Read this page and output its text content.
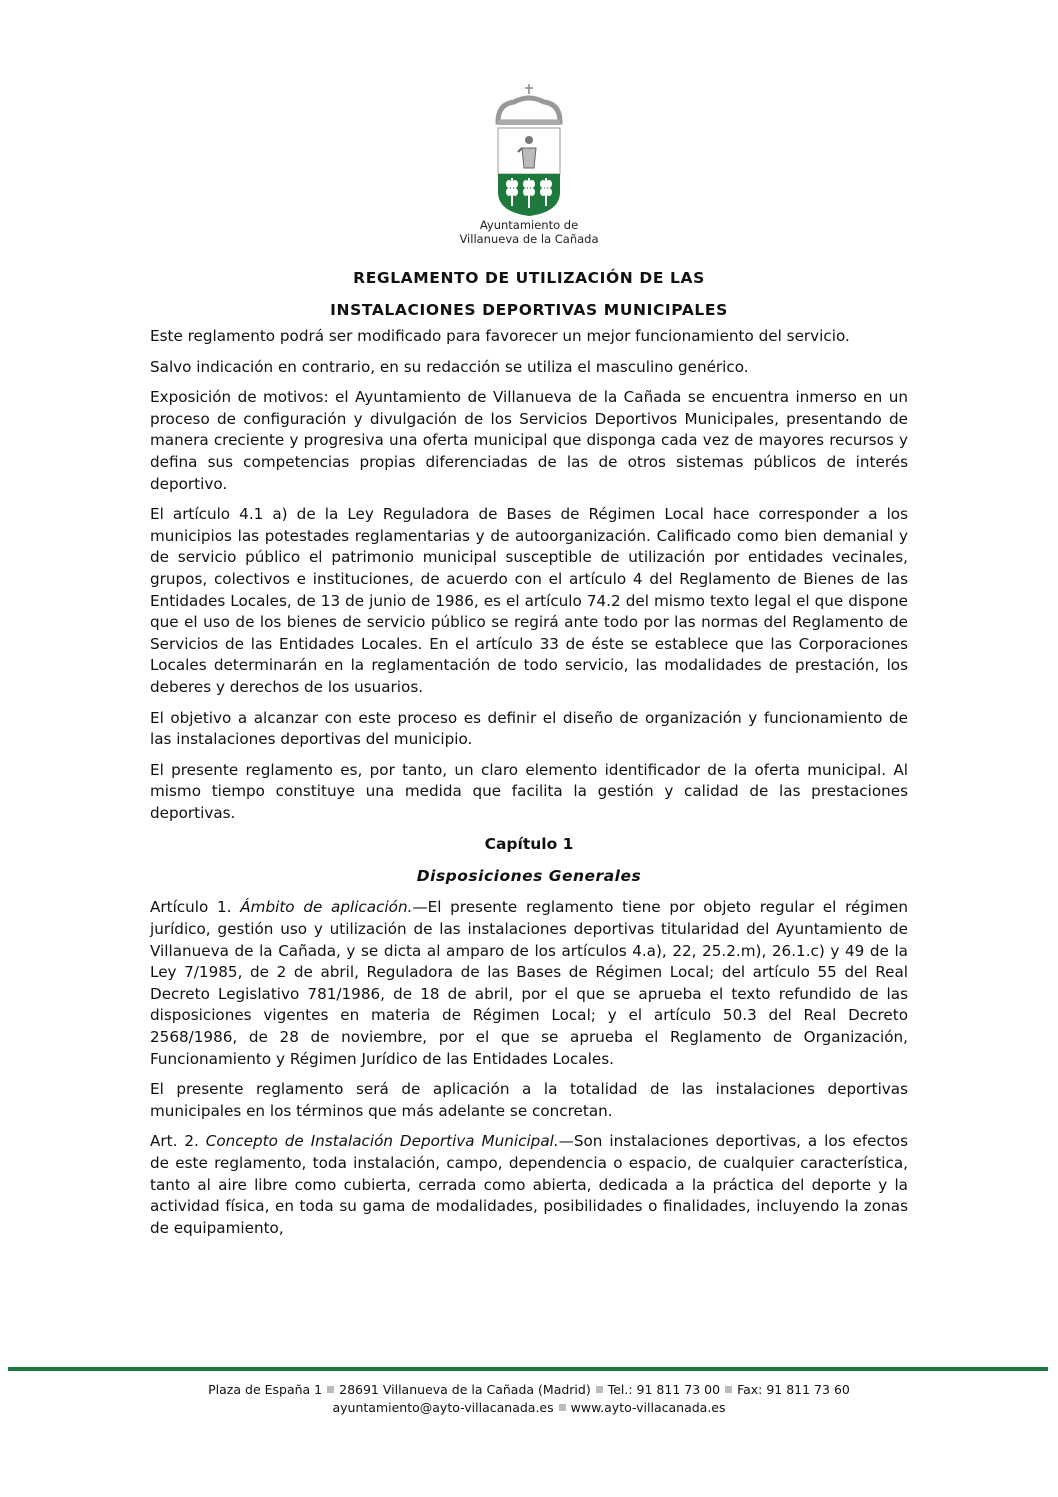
Ayuntamiento de
Villanueva de la Cañada
REGLAMENTO DE UTILIZACIÓN DE LAS
INSTALACIONES DEPORTIVAS MUNICIPALES

Este reglamento podrá ser modificado para favorecer un mejor funcionamiento del servicio.

Salvo indicación en contrario, en su redacción se utiliza el masculino genérico.

Exposición de motivos: el Ayuntamiento de Villanueva de la Cañada se encuentra inmerso en un proceso de configuración y divulgación de los Servicios Deportivos Municipales, presentando de manera creciente y progresiva una oferta municipal que disponga cada vez de mayores recursos y defina sus competencias propias diferenciadas de las de otros sistemas públicos de interés deportivo.

El artículo 4.1 a) de la Ley Reguladora de Bases de Régimen Local hace corresponder a los municipios las potestades reglamentarias y de autoorganización. Calificado como bien demanial y de servicio público el patrimonio municipal susceptible de utilización por entidades vecinales, grupos, colectivos e instituciones, de acuerdo con el artículo 4 del Reglamento de Bienes de las Entidades Locales, de 13 de junio de 1986, es el artículo 74.2 del mismo texto legal el que dispone que el uso de los bienes de servicio público se regirá ante todo por las normas del Reglamento de Servicios de las Entidades Locales. En el artículo 33 de éste se establece que las Corporaciones Locales determinarán en la reglamentación de todo servicio, las modalidades de prestación, los deberes y derechos de los usuarios.

El objetivo a alcanzar con este proceso es definir el diseño de organización y funcionamiento de las instalaciones deportivas del municipio.

El presente reglamento es, por tanto, un claro elemento identificador de la oferta municipal. Al mismo tiempo constituye una medida que facilita la gestión y calidad de las prestaciones deportivas.

Capítulo 1
Disposiciones Generales

Artículo 1. Ámbito de aplicación.—El presente reglamento tiene por objeto regular el régimen jurídico, gestión uso y utilización de las instalaciones deportivas titularidad del Ayuntamiento de Villanueva de la Cañada, y se dicta al amparo de los artículos 4.a), 22, 25.2.m), 26.1.c) y 49 de la Ley 7/1985, de 2 de abril, Reguladora de las Bases de Régimen Local; del artículo 55 del Real Decreto Legislativo 781/1986, de 18 de abril, por el que se aprueba el texto refundido de las disposiciones vigentes en materia de Régimen Local; y el artículo 50.3 del Real Decreto 2568/1986, de 28 de noviembre, por el que se aprueba el Reglamento de Organización, Funcionamiento y Régimen Jurídico de las Entidades Locales.

El presente reglamento será de aplicación a la totalidad de las instalaciones deportivas municipales en los términos que más adelante se concretan.

Art. 2. Concepto de Instalación Deportiva Municipal.—Son instalaciones deportivas, a los efectos de este reglamento, toda instalación, campo, dependencia o espacio, de cualquier característica, tanto al aire libre como cubierta, cerrada como abierta, dedicada a la práctica del deporte y la actividad física, en toda su gama de modalidades, posibilidades o finalidades, incluyendo la zonas de equipamiento,

Plaza de España 1 28691 Villanueva de la Cañada (Madrid) Tel.: 91 811 73 00 Fax: 91 811 73 60
ayuntamiento@ayto-villacanada.es www.ayto-villacanada.es
